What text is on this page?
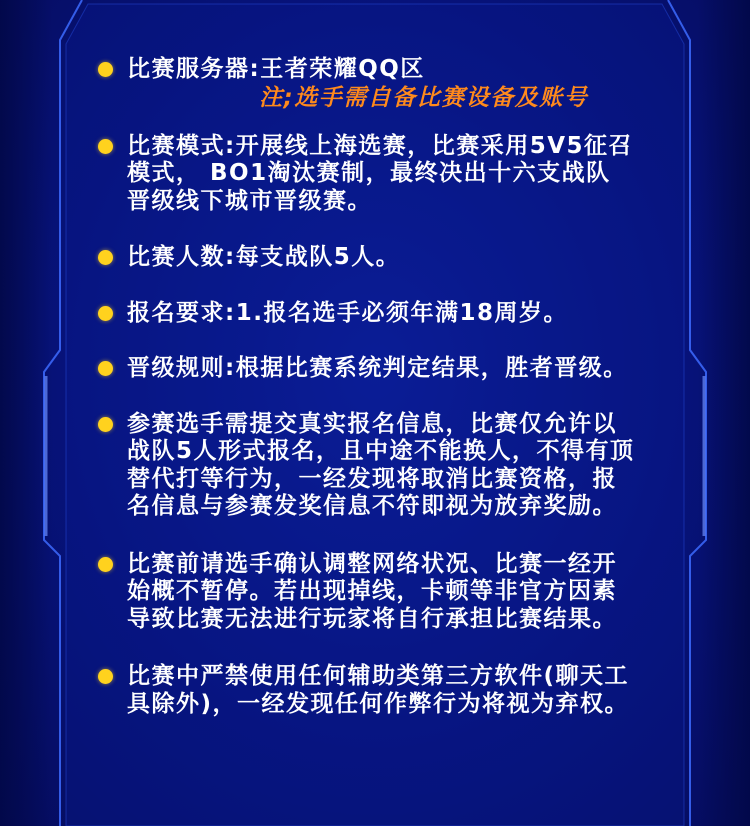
比赛服务器:王者荣耀QQ区
注;选手需自备比赛设备及账号
比赛模式:开展线上海选赛，比赛采用5V5征召模式， BO1淘汰赛制，最终决出十六支战队晋级线下城市晋级赛。
比赛人数:每支战队5人。
报名要求:1.报名选手必须年满18周岁。
晋级规则:根据比赛系统判定结果，胜者晋级。
参赛选手需提交真实报名信息，比赛仅允许以战队5人形式报名，且中途不能换人，不得有顶替代打等行为，一经发现将取消比赛资格，报名信息与参赛发奖信息不符即视为放弃奖励。
比赛前请选手确认调整网络状况、比赛一经开始概不暂停。若出现掉线，卡顿等非官方因素导致比赛无法进行玩家将自行承担比赛结果。
比赛中严禁使用任何辅助类第三方软件(聊天工具除外)，一经发现任何作弊行为将视为弃权。
